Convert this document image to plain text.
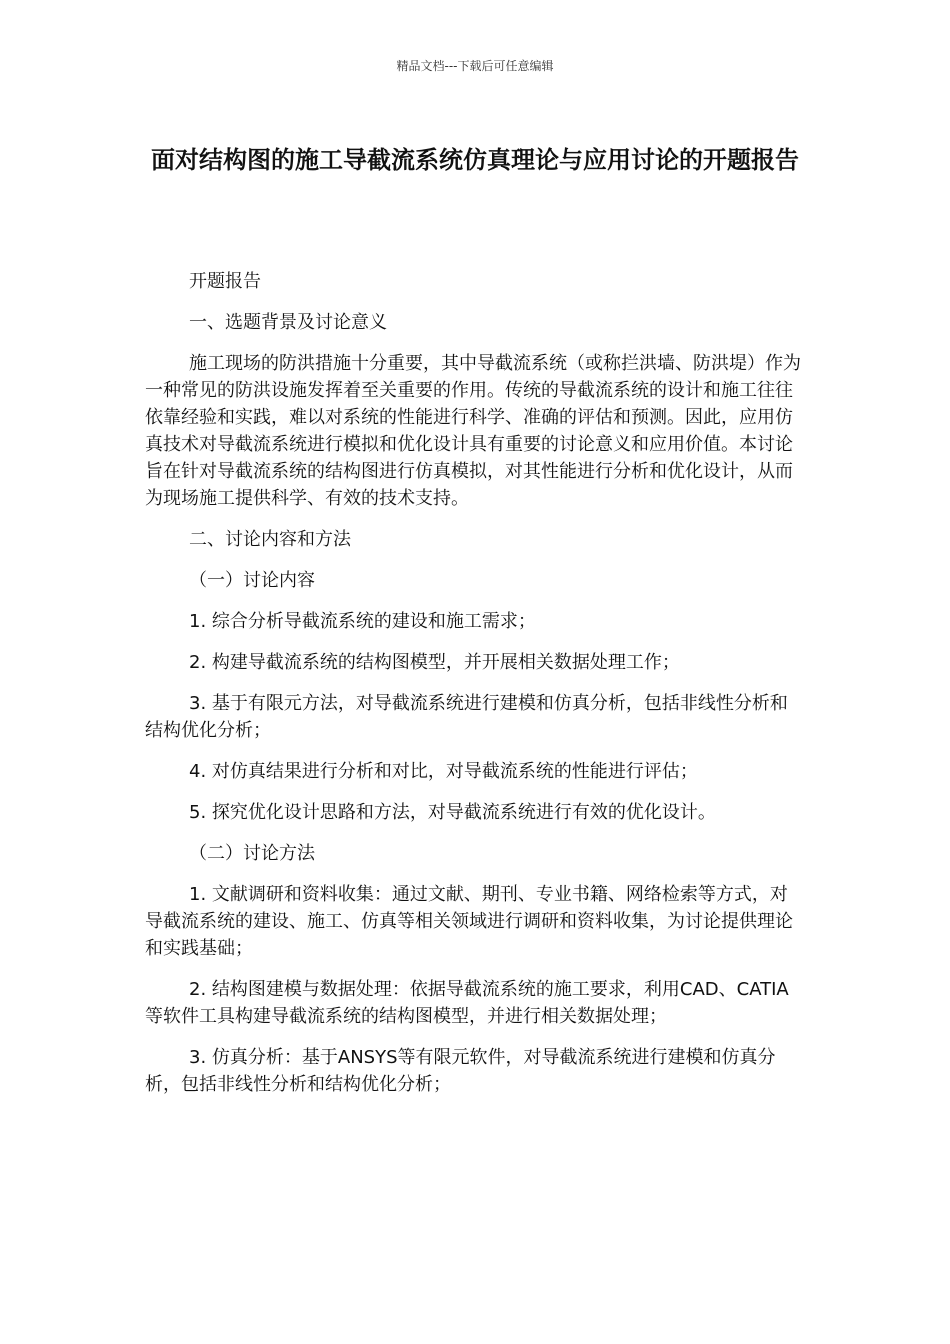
精品文档---下载后可任意编辑
面对结构图的施工导截流系统仿真理论与应用讨论的开题报告

开题报告

一、选题背景及讨论意义

施工现场的防洪措施十分重要，其中导截流系统（或称拦洪墙、防洪堤）作为一种常见的防洪设施发挥着至关重要的作用。传统的导截流系统的设计和施工往往依靠经验和实践，难以对系统的性能进行科学、准确的评估和预测。因此，应用仿真技术对导截流系统进行模拟和优化设计具有重要的讨论意义和应用价值。本讨论旨在针对导截流系统的结构图进行仿真模拟，对其性能进行分析和优化设计，从而为现场施工提供科学、有效的技术支持。

二、讨论内容和方法

（一）讨论内容

1. 综合分析导截流系统的建设和施工需求；

2. 构建导截流系统的结构图模型，并开展相关数据处理工作；

3. 基于有限元方法，对导截流系统进行建模和仿真分析，包括非线性分析和结构优化分析；

4. 对仿真结果进行分析和对比，对导截流系统的性能进行评估；

5. 探究优化设计思路和方法，对导截流系统进行有效的优化设计。

（二）讨论方法

1. 文献调研和资料收集：通过文献、期刊、专业书籍、网络检索等方式，对导截流系统的建设、施工、仿真等相关领域进行调研和资料收集，为讨论提供理论和实践基础；

2. 结构图建模与数据处理：依据导截流系统的施工要求，利用CAD、CATIA等软件工具构建导截流系统的结构图模型，并进行相关数据处理；

3. 仿真分析：基于ANSYS等有限元软件，对导截流系统进行建模和仿真分析，包括非线性分析和结构优化分析；
